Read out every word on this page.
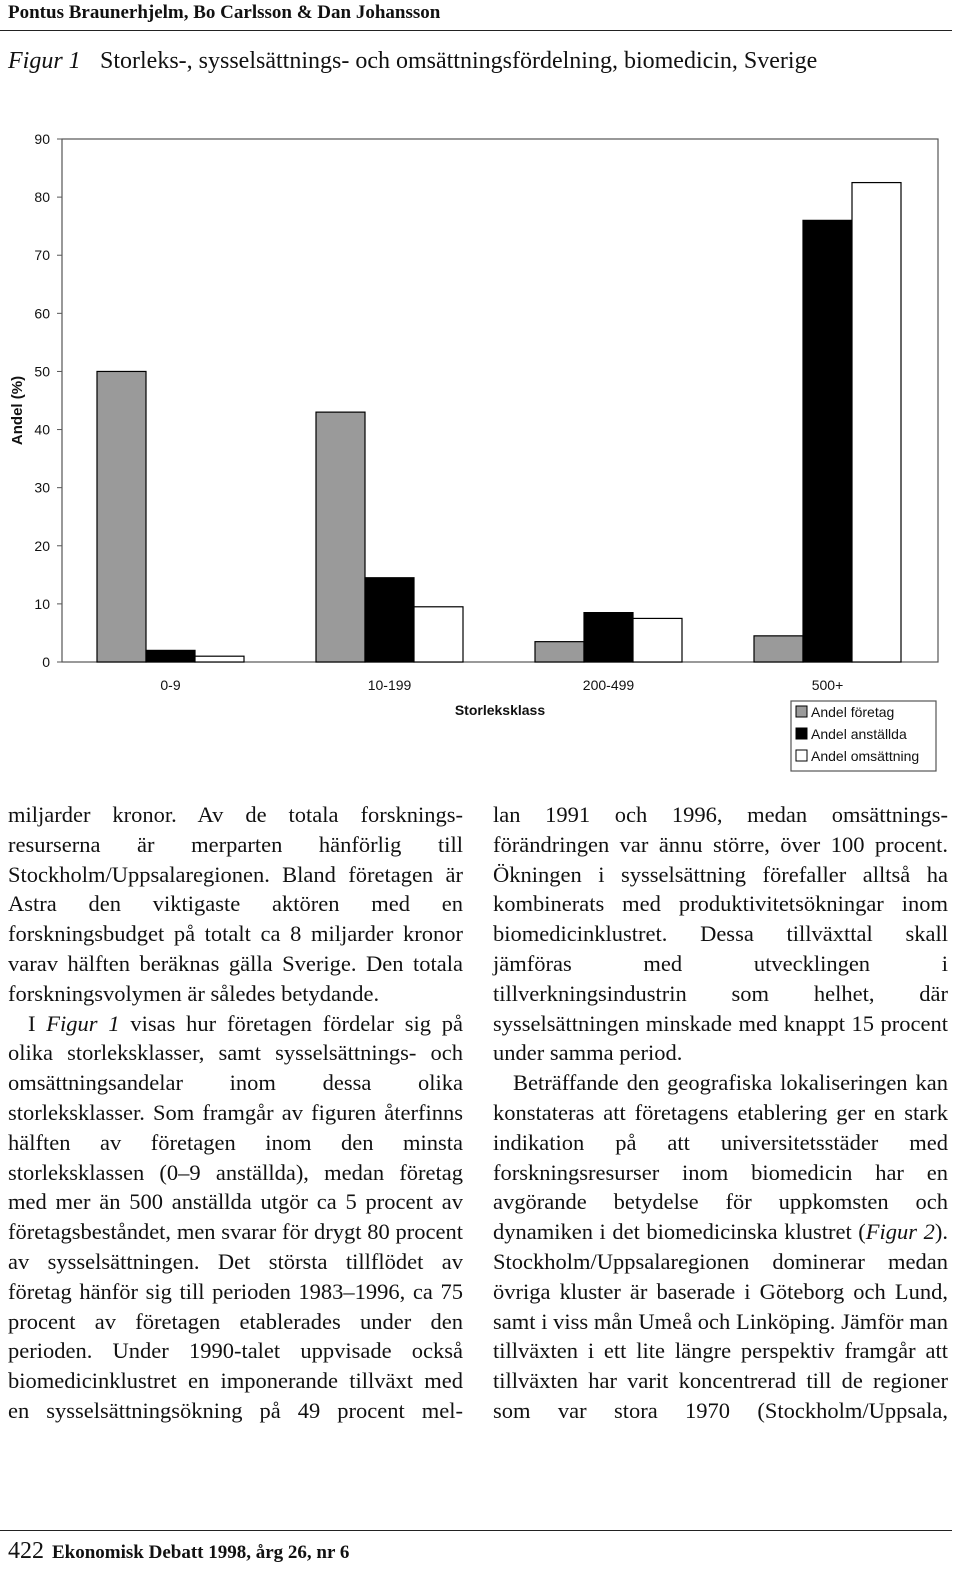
Pontus Braunerhjelm, Bo Carlsson & Dan Johansson
Figur 1 Storleks-, sysselsättnings- och omsättningsfördelning, biomedicin, Sverige
0
10
20
30
40
50
60
70
80
90
Andel (%)
0-9	10-199	200-499	500+
Storleksklass	Andel företag
Andel anställda
Andel omsättning

miljarder kronor. Av de totala forskningsresurserna är merparten hänförlig till Stockholm/Uppsalaregionen. Bland företagen är Astra den viktigaste aktören med en forskningsbudget på totalt ca 8 miljarder kronor varav hälften beräknas gälla Sverige. Den totala forskningsvolymen är således betydande.

I Figur 1 visas hur företagen fördelar sig på olika storleksklasser, samt sysselsättnings- och omsättningsandelar inom dessa olika storleksklasser. Som framgår av figuren återfinns hälften av företagen inom den minsta storleksklassen (0–9 anställda), medan företag med mer än 500 anställda utgör ca 5 procent av företagsbeståndet, men svarar för drygt 80 procent av sysselsättningen. Det största tillflödet av företag hänför sig till perioden 1983–1996, ca 75 procent av företagen etablerades under den perioden. Under 1990-talet uppvisade också biomedicinklustret en imponerande tillväxt med en sysselsättningsökning på 49 procent mel-

lan 1991 och 1996, medan omsättningsförändringen var ännu större, över 100 procent. Ökningen i sysselsättning förefaller alltså ha kombinerats med produktivitetsökningar inom biomedicinklustret. Dessa tillväxttal skall jämföras med utvecklingen i tillverkningsindustrin som helhet, där sysselsättningen minskade med knappt 15 procent under samma period.

Beträffande den geografiska lokaliseringen kan konstateras att företagens etablering ger en stark indikation på att universitetsstäder med forskningsresurser inom biomedicin har en avgörande betydelse för uppkomsten och dynamiken i det biomedicinska klustret (Figur 2). Stockholm/Uppsalaregionen dominerar medan övriga kluster är baserade i Göteborg och Lund, samt i viss mån Umeå och Linköping. Jämför man tillväxten i ett lite längre perspektiv framgår att tillväxten har varit koncentrerad till de regioner som var stora 1970 (Stockholm/Uppsala,

422 Ekonomisk Debatt 1998, årg 26, nr 6
